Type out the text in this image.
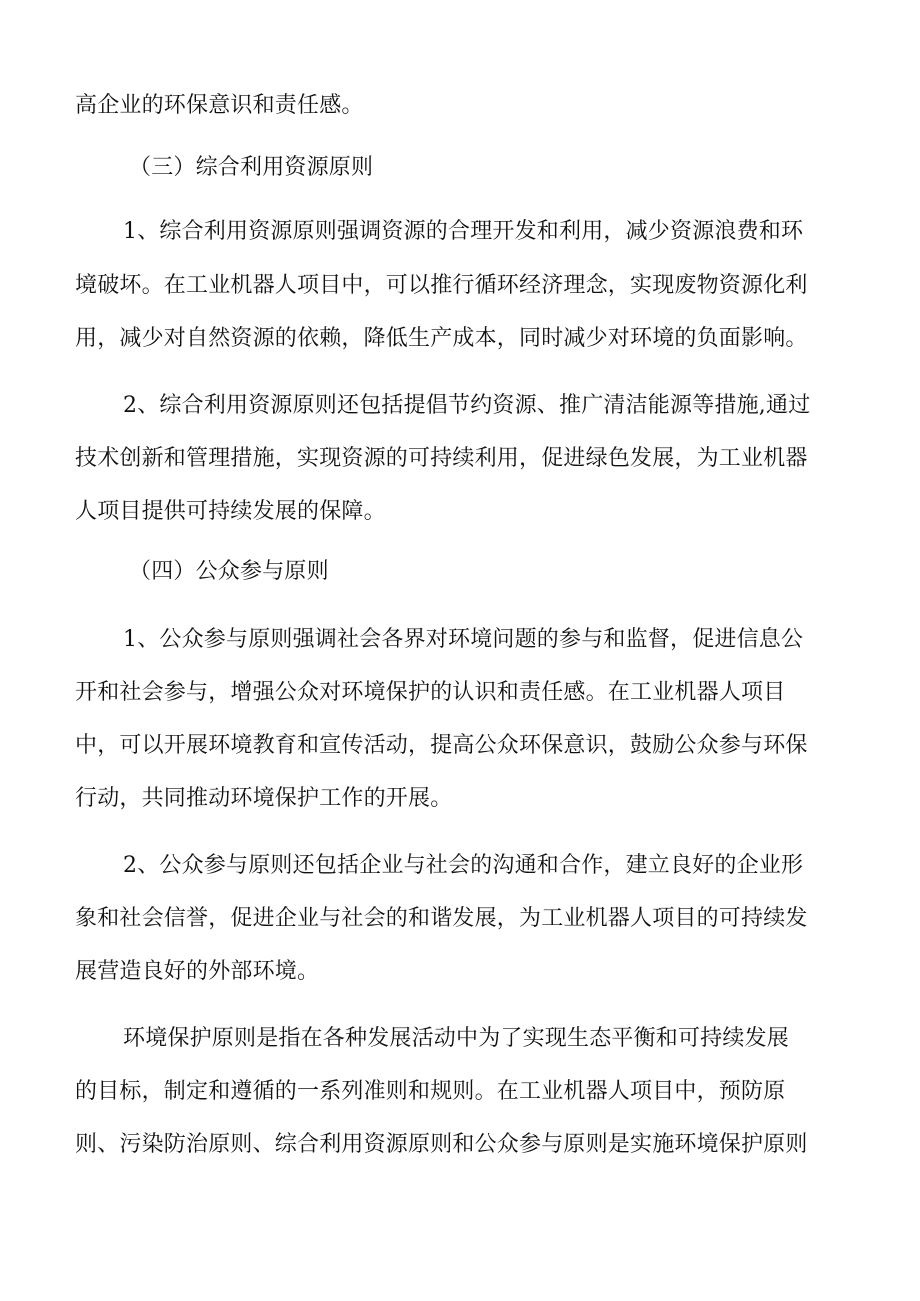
高企业的环保意识和责任感。
（三）综合利用资源原则
1、综合利用资源原则强调资源的合理开发和利用，减少资源浪费和环
境破坏。在工业机器人项目中，可以推行循环经济理念，实现废物资源化利
用，减少对自然资源的依赖，降低生产成本，同时减少对环境的负面影响。
2、综合利用资源原则还包括提倡节约资源、推广清洁能源等措施,通过
技术创新和管理措施，实现资源的可持续利用，促进绿色发展，为工业机器
人项目提供可持续发展的保障。
（四）公众参与原则
1、公众参与原则强调社会各界对环境问题的参与和监督，促进信息公
开和社会参与，增强公众对环境保护的认识和责任感。在工业机器人项目
中，可以开展环境教育和宣传活动，提高公众环保意识，鼓励公众参与环保
行动，共同推动环境保护工作的开展。
2、公众参与原则还包括企业与社会的沟通和合作，建立良好的企业形
象和社会信誉，促进企业与社会的和谐发展，为工业机器人项目的可持续发
展营造良好的外部环境。
环境保护原则是指在各种发展活动中为了实现生态平衡和可持续发展
的目标，制定和遵循的一系列准则和规则。在工业机器人项目中，预防原
则、污染防治原则、综合利用资源原则和公众参与原则是实施环境保护原则
